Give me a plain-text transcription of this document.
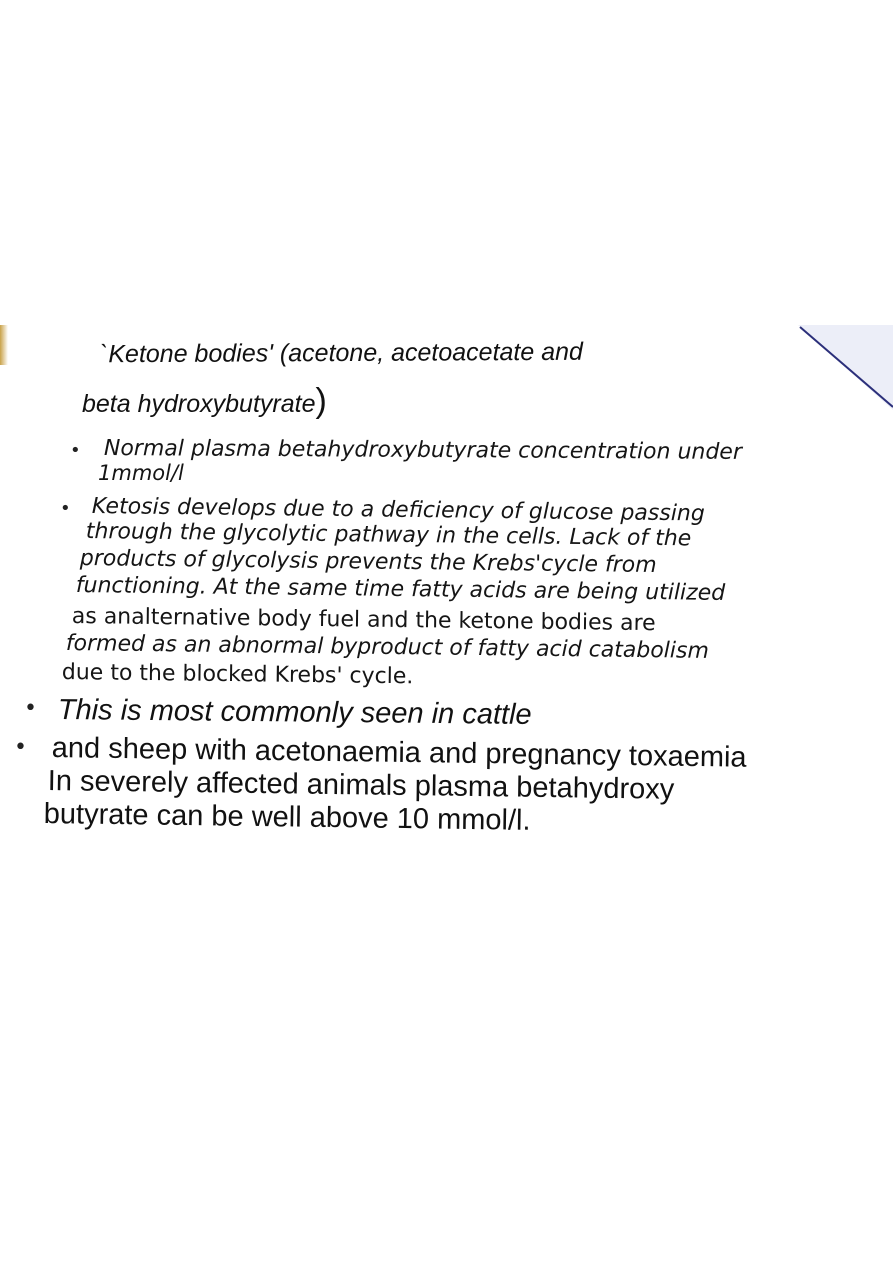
`Ketone bodies' (acetone, acetoacetate and

beta hydroxybutyrate)

• Normal plasma betahydroxybutyrate concentration under

1mmol/l

• Ketosis develops due to a deficiency of glucose passing

through the glycolytic pathway in the cells. Lack of the

products of glycolysis prevents the Krebs'cycle from

functioning. At the same time fatty acids are being utilized

as analternative body fuel and the ketone bodies are

formed as an abnormal byproduct of fatty acid catabolism

due to the blocked Krebs' cycle.

• This is most commonly seen in cattle

• and sheep with acetonaemia and pregnancy toxaemia

In severely affected animals plasma betahydroxy

butyrate can be well above 10 mmol/l.
